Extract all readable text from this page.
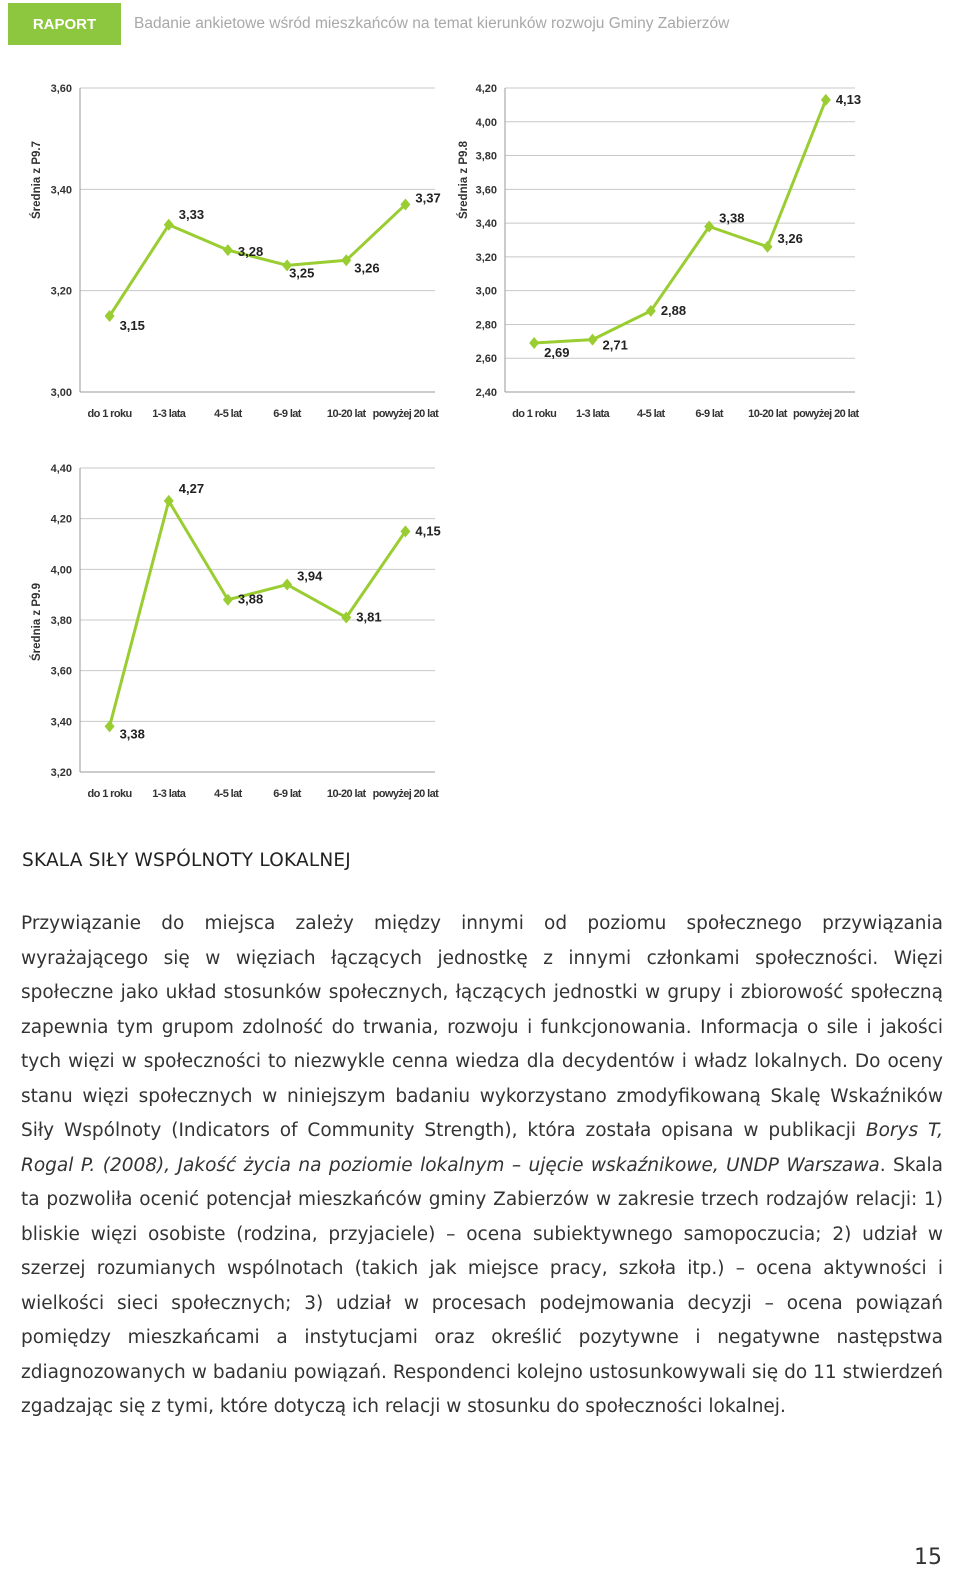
RAPORT	Badanie ankietowe wśród mieszkańców na temat kierunków rozwoju Gminy Zabierzów
3,00
3,20
3,40
3,60
do 1 roku 1-3 lata	4-5 lat	6-9 lat 10-20 lat powyżej 20 lat
Średnia z P9.7
3,15
3,33
3,28
3,25	3,26
3,37
2,40
2,60
2,80
3,00
3,20
3,40
3,60
3,80
4,00
4,20
do 1 roku 1-3 lata	4-5 lat	6-9 lat 10-20 lat powyżej 20 lat
Średnia z P9.8
2,69	2,71
2,88
3,38
3,26
4,13
3,20
3,40
3,60
3,80
4,00
4,20
4,40
do 1 roku 1-3 lata	4-5 lat	6-9 lat 10-20 lat powyżej 20 lat
Średnia z P9.9
3,38
4,27
3,88
3,94
3,81
4,15
SKALA SIŁY WSPÓLNOTY LOKALNEJ
Przywiązanie do miejsca zależy między innymi od poziomu społecznego przywiązania wyrażającego się w więziach łączących jednostkę z innymi członkami społeczności. Więzi społeczne jako układ stosunków społecznych, łączących jednostki w grupy i zbiorowość społeczną zapewnia tym grupom zdolność do trwania, rozwoju i funkcjonowania. Informacja o sile i jakości tych więzi w społeczności to niezwykle cenna wiedza dla decydentów i władz lokalnych. Do oceny stanu więzi społecznych w niniejszym badaniu wykorzystano zmodyfikowaną Skalę Wskaźników Siły Wspólnoty (Indicators of Community Strength), która została opisana w publikacji Borys T, Rogal P. (2008), Jakość życia na poziomie lokalnym – ujęcie wskaźnikowe, UNDP Warszawa. Skala ta pozwoliła ocenić potencjał mieszkańców gminy Zabierzów w zakresie trzech rodzajów relacji: 1) bliskie więzi osobiste (rodzina, przyjaciele) – ocena subiektywnego samopoczucia; 2) udział w szerzej rozumianych wspólnotach (takich jak miejsce pracy, szkoła itp.) – ocena aktywności i wielkości sieci społecznych; 3) udział w procesach podejmowania decyzji – ocena powiązań pomiędzy mieszkańcami a instytucjami oraz określić pozytywne i negatywne następstwa zdiagnozowanych w badaniu powiązań. Respondenci kolejno ustosunkowywali się do 11 stwierdzeń zgadzając się z tymi, które dotyczą ich relacji w stosunku do społeczności lokalnej.
15
